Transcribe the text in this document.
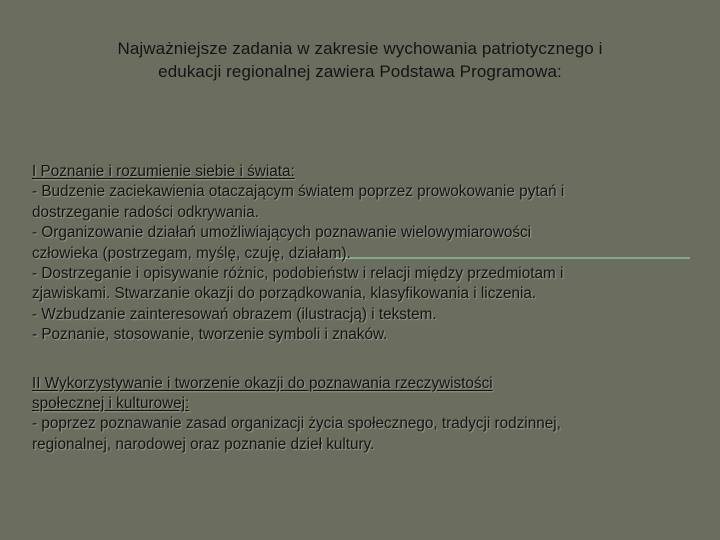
Najważniejsze zadania w zakresie wychowania patriotycznego i
edukacji regionalnej zawiera Podstawa Programowa:
I Poznanie i rozumienie siebie i świata:
- Budzenie zaciekawienia otaczającym światem poprzez prowokowanie pytań i
dostrzeganie radości odkrywania.
- Organizowanie działań umożliwiających poznawanie wielowymiarowości
człowieka (postrzegam, myślę, czuję, działam).
- Dostrzeganie i opisywanie różnic, podobieństw i relacji między przedmiotam i
zjawiskami. Stwarzanie okazji do porządkowania, klasyfikowania i liczenia.
- Wzbudzanie zainteresowań obrazem (ilustracją) i tekstem.
- Poznanie, stosowanie, tworzenie symboli i znaków.
II Wykorzystywanie i tworzenie okazji do poznawania rzeczywistości
społecznej i kulturowej:
- poprzez poznawanie zasad organizacji życia społecznego, tradycji rodzinnej,
regionalnej, narodowej oraz poznanie dzieł kultury.
